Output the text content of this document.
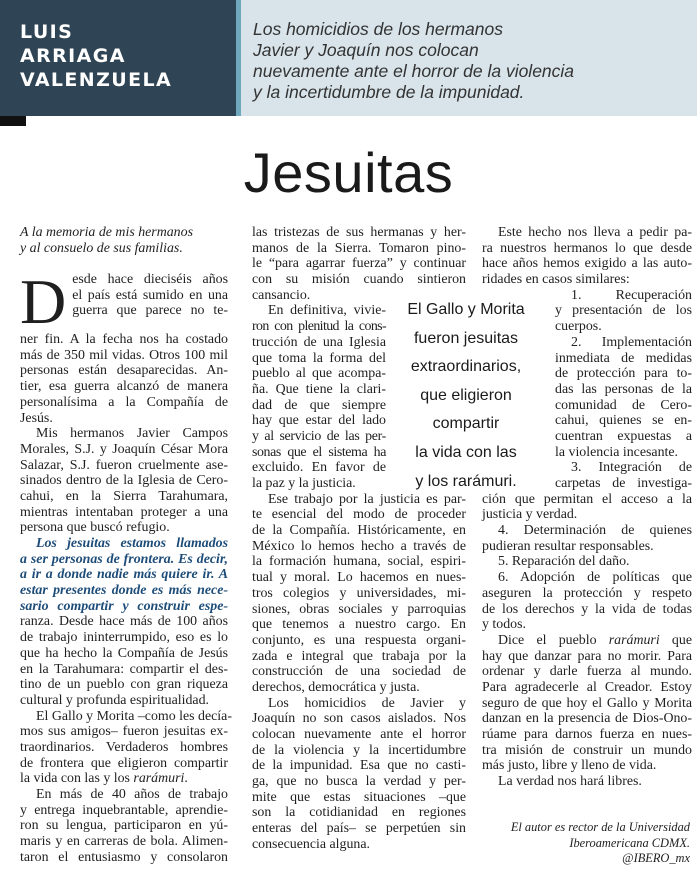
LUIS
ARRIAGA
VALENZUELA
Los homicidios de los hermanos
Javier y Joaquín nos colocan
nuevamente ante el horror de la violencia
y la incertidumbre de la impunidad.
Jesuitas
A la memoria de mis hermanos
y al consuelo de sus familias.
D esde hace dieciséis años
el país está sumido en una
guerra que parece no te-
ner fin. A la fecha nos ha costado
más de 350 mil vidas. Otros 100 mil
personas están desaparecidas. An-
tier, esa guerra alcanzó de manera
personalísima a la Compañía de
Jesús.
Mis hermanos Javier Campos
Morales, S.J. y Joaquín César Mora
Salazar, S.J. fueron cruelmente ase-
sinados dentro de la Iglesia de Cero-
cahui, en la Sierra Tarahumara,
mientras intentaban proteger a una
persona que buscó refugio.
Los jesuitas estamos llamados
a ser personas de frontera. Es decir,
a ir a donde nadie más quiere ir. A
estar presentes donde es más nece-
sario compartir y construir espe-
ranza. Desde hace más de 100 años
de trabajo ininterrumpido, eso es lo
que ha hecho la Compañía de Jesús
en la Tarahumara: compartir el des-
tino de un pueblo con gran riqueza
cultural y profunda espiritualidad.
El Gallo y Morita –como les decía-
mos sus amigos– fueron jesuitas ex-
traordinarios. Verdaderos hombres
de frontera que eligieron compartir
la vida con las y los rarámuri.
En más de 40 años de trabajo
y entrega inquebrantable, aprendie-
ron su lengua, participaron en yú-
maris y en carreras de bola. Alimen-
taron el entusiasmo y consolaron
las tristezas de sus hermanas y her-
manos de la Sierra. Tomaron pino-
le “para agarrar fuerza” y continuar
con su misión cuando sintieron
cansancio.
En definitiva, vivie-
ron con plenitud la cons-
trucción de una Iglesia
que toma la forma del
pueblo al que acompa-
ña. Que tiene la clari-
dad de que siempre
hay que estar del lado
y al servicio de las per-
sonas que el sistema ha
excluido. En favor de
la paz y la justicia.
Ese trabajo por la justicia es par-
te esencial del modo de proceder
de la Compañía. Históricamente, en
México lo hemos hecho a través de
la formación humana, social, espiri-
tual y moral. Lo hacemos en nues-
tros colegios y universidades, mi-
siones, obras sociales y parroquias
que tenemos a nuestro cargo. En
conjunto, es una respuesta organi-
zada e integral que trabaja por la
construcción de una sociedad de
derechos, democrática y justa.
Los homicidios de Javier y
Joaquín no son casos aislados. Nos
colocan nuevamente ante el horror
de la violencia y la incertidumbre
de la impunidad. Esa que no casti-
ga, que no busca la verdad y per-
mite que estas situaciones –que
son la cotidianidad en regiones
enteras del país– se perpetúen sin
consecuencia alguna.
El Gallo y Morita
fueron jesuitas
extraordinarios,
que eligieron
compartir
la vida con las
y los rarámuri.
Este hecho nos lleva a pedir pa-
ra nuestros hermanos lo que desde
hace años hemos exigido a las auto-
ridades en casos similares:
1. Recuperación
y presentación de los
cuerpos.
2. Implementación
inmediata de medidas
de protección para to-
das las personas de la
comunidad de Cero-
cahui, quienes se en-
cuentran expuestas a
la violencia incesante.
3. Integración de
carpetas de investiga-
ción que permitan el acceso a la
justicia y verdad.
4. Determinación de quienes
pudieran resultar responsables.
5. Reparación del daño.
6. Adopción de políticas que
aseguren la protección y respeto
de los derechos y la vida de todas
y todos.
Dice el pueblo rarámuri que
hay que danzar para no morir. Para
ordenar y darle fuerza al mundo.
Para agradecerle al Creador. Estoy
seguro de que hoy el Gallo y Morita
danzan en la presencia de Dios-Ono-
rúame para darnos fuerza en nues-
tra misión de construir un mundo
más justo, libre y lleno de vida.
La verdad nos hará libres.
El autor es rector de la Universidad
Iberoamericana CDMX.
@IBERO_mx
